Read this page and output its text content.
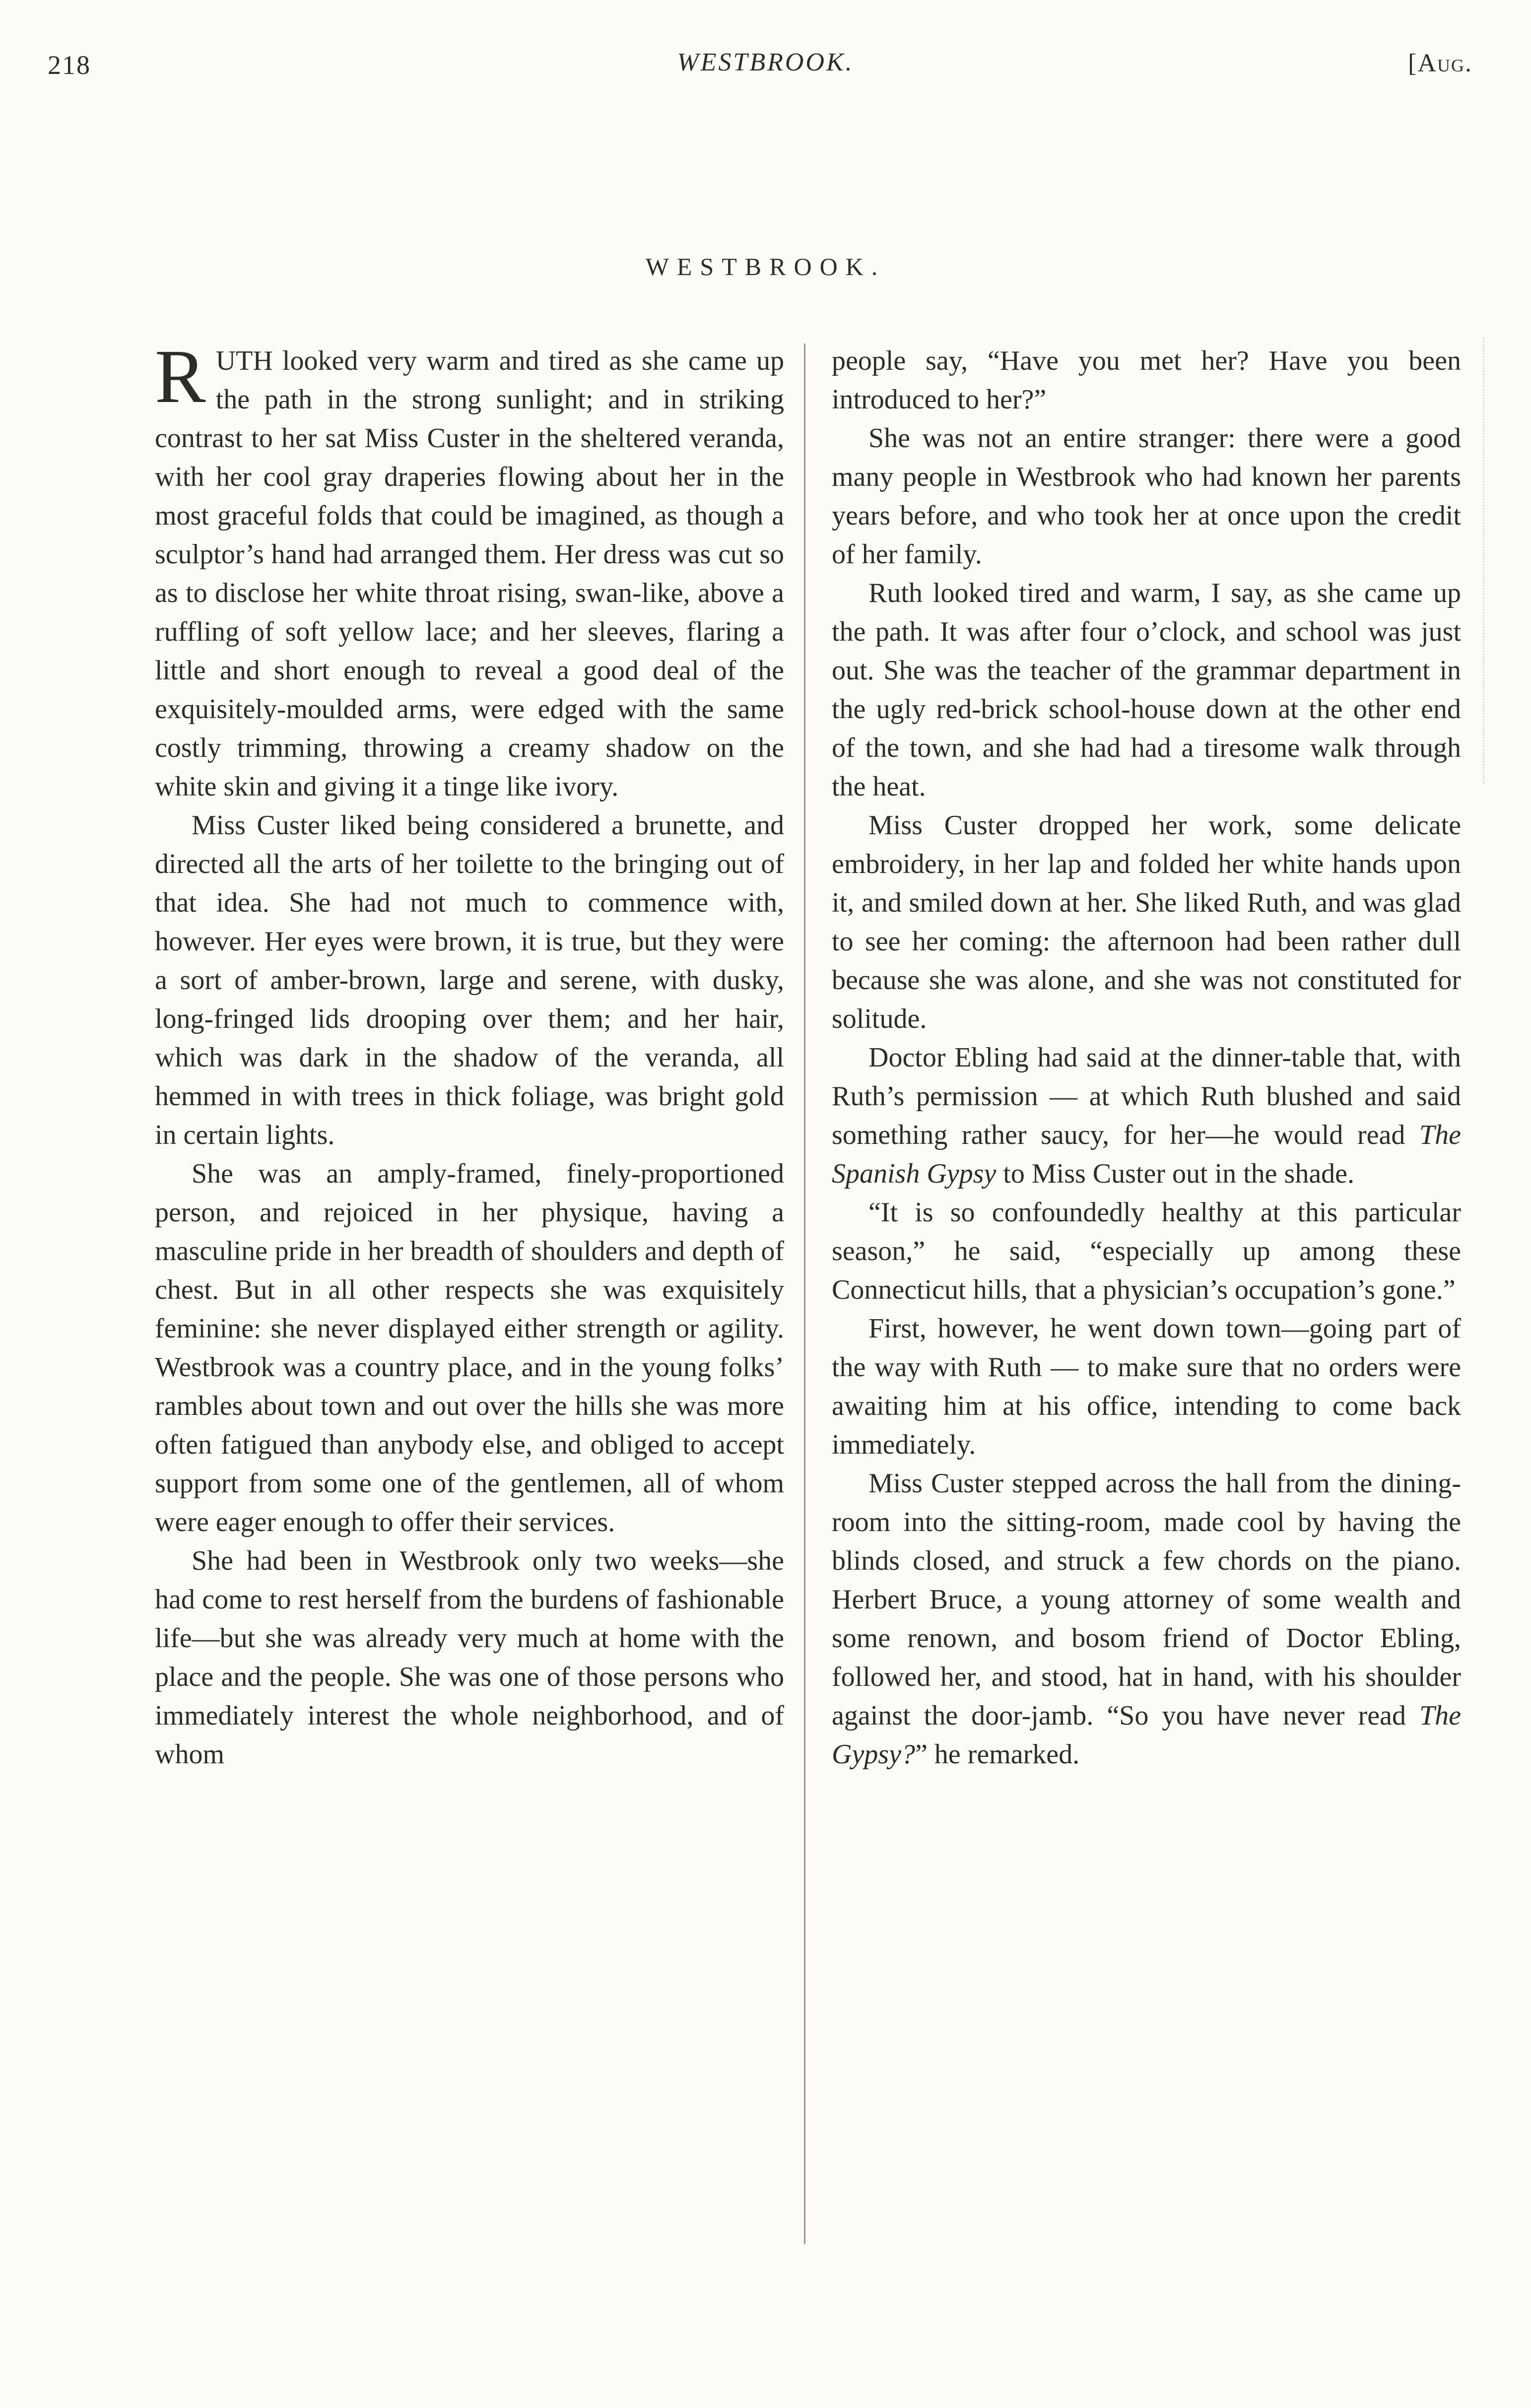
218	WESTBROOK.	[Aug.
WESTBROOK.

RUTH looked very warm and tired as she came up the path in the strong sunlight; and in striking contrast to her sat Miss Custer in the sheltered veranda, with her cool gray draperies flowing about her in the most graceful folds that could be imagined, as though a sculptor’s hand had arranged them. Her dress was cut so as to disclose her white throat rising, swan-like, above a ruffling of soft yellow lace; and her sleeves, flaring a little and short enough to reveal a good deal of the exquisitely-moulded arms, were edged with the same costly trimming, throwing a creamy shadow on the white skin and giving it a tinge like ivory.

Miss Custer liked being considered a brunette, and directed all the arts of her toilette to the bringing out of that idea. She had not much to commence with, however. Her eyes were brown, it is true, but they were a sort of amber-brown, large and serene, with dusky, long-fringed lids drooping over them; and her hair, which was dark in the shadow of the veranda, all hemmed in with trees in thick foliage, was bright gold in certain lights.

She was an amply-framed, finely-proportioned person, and rejoiced in her physique, having a masculine pride in her breadth of shoulders and depth of chest. But in all other respects she was exquisitely feminine: she never displayed either strength or agility. Westbrook was a country place, and in the young folks’ rambles about town and out over the hills she was more often fatigued than anybody else, and obliged to accept support from some one of the gentlemen, all of whom were eager enough to offer their services.

She had been in Westbrook only two weeks—she had come to rest herself from the burdens of fashionable life—but she was already very much at home with the place and the people. She was one of those persons who immediately interest the whole neighborhood, and of whom

people say, “Have you met her? Have you been introduced to her?”

She was not an entire stranger: there were a good many people in Westbrook who had known her parents years before, and who took her at once upon the credit of her family.

Ruth looked tired and warm, I say, as she came up the path. It was after four o’clock, and school was just out. She was the teacher of the grammar department in the ugly red-brick school-house down at the other end of the town, and she had had a tiresome walk through the heat.

Miss Custer dropped her work, some delicate embroidery, in her lap and folded her white hands upon it, and smiled down at her. She liked Ruth, and was glad to see her coming: the afternoon had been rather dull because she was alone, and she was not constituted for solitude.

Doctor Ebling had said at the dinner-table that, with Ruth’s permission — at which Ruth blushed and said something rather saucy, for her—he would read The Spanish Gypsy to Miss Custer out in the shade.

“It is so confoundedly healthy at this particular season,” he said, “especially up among these Connecticut hills, that a physician’s occupation’s gone.”

First, however, he went down town—going part of the way with Ruth — to make sure that no orders were awaiting him at his office, intending to come back immediately.

Miss Custer stepped across the hall from the dining-room into the sitting-room, made cool by having the blinds closed, and struck a few chords on the piano. Herbert Bruce, a young attorney of some wealth and some renown, and bosom friend of Doctor Ebling, followed her, and stood, hat in hand, with his shoulder against the door-jamb. “So you have never read The Gypsy?” he remarked.
